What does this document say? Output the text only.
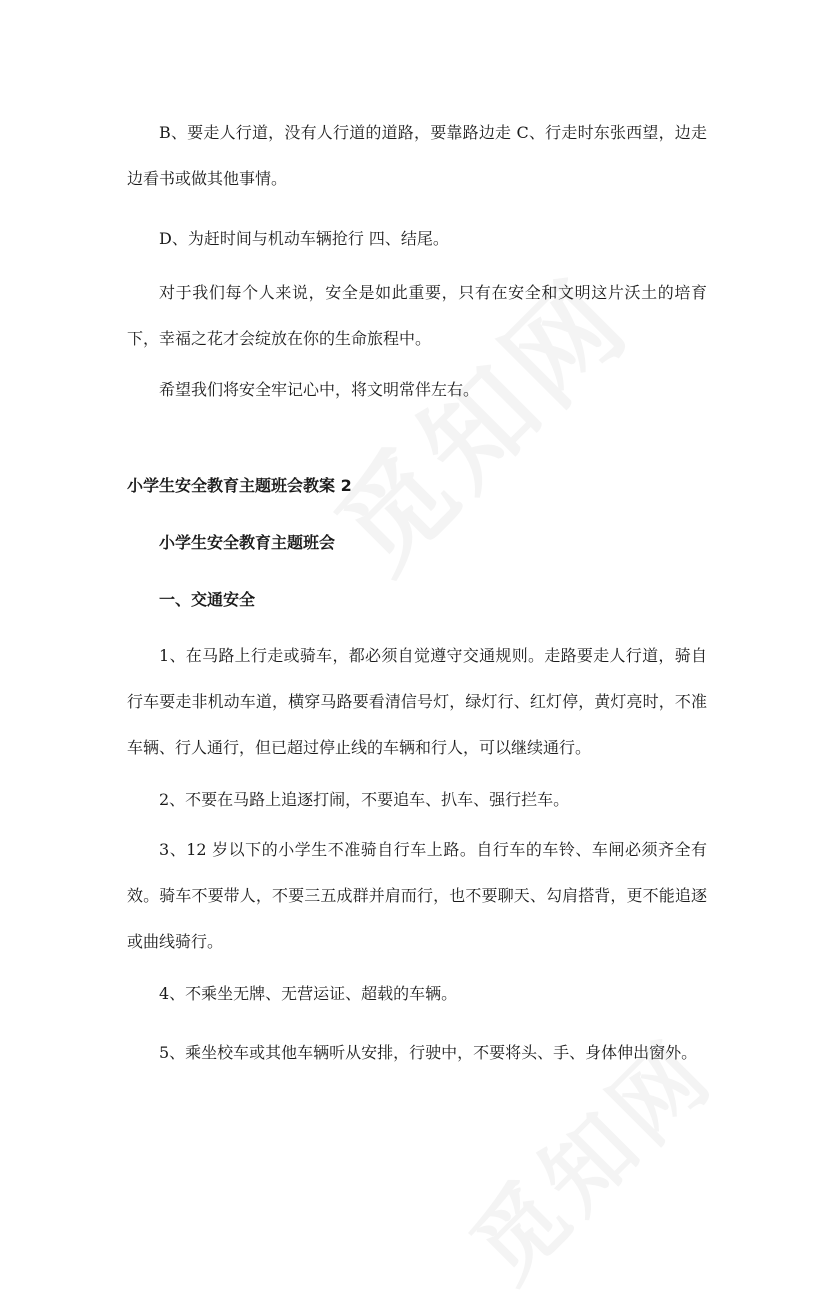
B、要走人行道，没有人行道的道路，要靠路边走 C、行走时东张西望，边走边看书或做其他事情。

D、为赶时间与机动车辆抢行 四、结尾。

对于我们每个人来说，安全是如此重要，只有在安全和文明这片沃土的培育下，幸福之花才会绽放在你的生命旅程中。

希望我们将安全牢记心中，将文明常伴左右。

小学生安全教育主题班会教案 2
小学生安全教育主题班会
一、交通安全

1、在马路上行走或骑车，都必须自觉遵守交通规则。走路要走人行道，骑自行车要走非机动车道，横穿马路要看清信号灯，绿灯行、红灯停，黄灯亮时，不准车辆、行人通行，但已超过停止线的车辆和行人，可以继续通行。

2、不要在马路上追逐打闹，不要追车、扒车、强行拦车。

3、12 岁以下的小学生不准骑自行车上路。自行车的车铃、车闸必须齐全有效。骑车不要带人，不要三五成群并肩而行，也不要聊天、勾肩搭背，更不能追逐或曲线骑行。

4、不乘坐无牌、无营运证、超载的车辆。

5、乘坐校车或其他车辆听从安排，行驶中，不要将头、手、身体伸出窗外。
